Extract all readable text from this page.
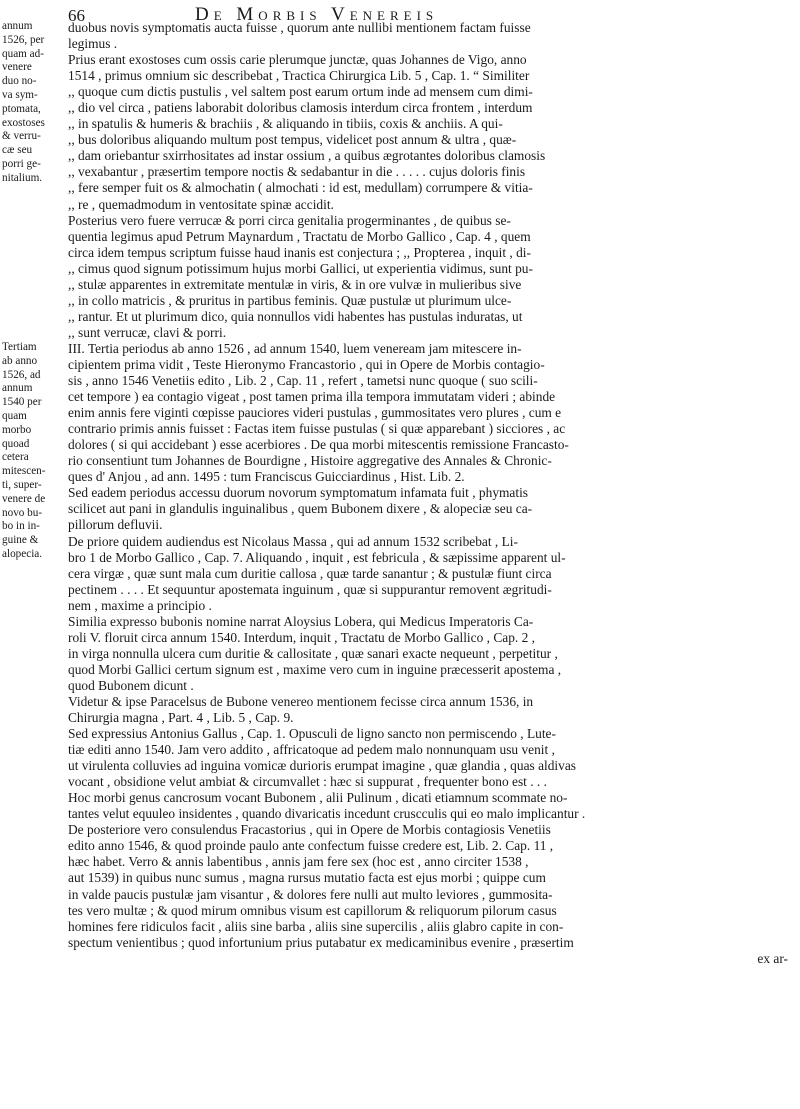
66	De Morbis Venereis
annum
1526, per
quam ad-
venere
duo no-
va sym-
ptomata,
exostoses
& verru-
cæ seu
porri ge-
nitalium.
Tertiam
ab anno
1526, ad
annum
1540 per
quam
morbo
quoad
cetera
mitescen-
ti, super-
venere de
novo bu-
bo in in-
guine &
alopecia.
duobus novis symptomatis aucta fuisse , quorum ante nullibi mentionem factam fuisse
legimus .
Prius erant exostoses cum ossis carie plerumque junctæ, quas Johannes de Vigo, anno
1514 , primus omnium sic describebat , Tractica Chirurgica Lib. 5 , Cap. 1. “ Similiter
,, quoque cum dictis pustulis , vel saltem post earum ortum inde ad mensem cum dimi-
,, dio vel circa , patiens laborabit doloribus clamosis interdum circa frontem , interdum
,, in spatulis & humeris & brachiis , & aliquando in tibiis, coxis & anchiis. A qui-
,, bus doloribus aliquando multum post tempus, videlicet post annum & ultra , quæ-
,, dam oriebantur sxirrhositates ad instar ossium , a quibus ægrotantes doloribus clamosis
,, vexabantur , præsertim tempore noctis & sedabantur in die . . . . . cujus doloris finis
,, fere semper fuit os & almochatin ( almochati : id est, medullam) corrumpere & vitia-
,, re , quemadmodum in ventositate spinæ accidit.
Posterius vero fuere verrucæ & porri circa genitalia progerminantes , de quibus se-
quentia legimus apud Petrum Maynardum , Tractatu de Morbo Gallico , Cap. 4 , quem
circa idem tempus scriptum fuisse haud inanis est conjectura ; ,, Propterea , inquit , di-
,, cimus quod signum potissimum hujus morbi Gallici, ut experientia vidimus, sunt pu-
,, stulæ apparentes in extremitate mentulæ in viris, & in ore vulvæ in mulieribus sive
,, in collo matricis , & pruritus in partibus feminis. Quæ pustulæ ut plurimum ulce-
,, rantur. Et ut plurimum dico, quia nonnullos vidi habentes has pustulas induratas, ut
,, sunt verrucæ, clavi & porri.
III. Tertia periodus ab anno 1526 , ad annum 1540, luem veneream jam mitescere in-
cipientem prima vidit , Teste Hieronymo Francastorio , qui in Opere de Morbis contagio-
sis , anno 1546 Venetiis edito , Lib. 2 , Cap. 11 , refert , tametsi nunc quoque ( suo scili-
cet tempore ) ea contagio vigeat , post tamen prima illa tempora immutatam videri ; abinde
enim annis fere viginti cœpisse pauciores videri pustulas , gummositates vero plures , cum e
contrario primis annis fuisset : Factas item fuisse pustulas ( si quæ apparebant ) sicciores , ac
dolores ( si qui accidebant ) esse acerbiores . De qua morbi mitescentis remissione Francasto-
rio consentiunt tum Johannes de Bourdigne , Histoire aggregative des Annales & Chronic-
ques d' Anjou , ad ann. 1495 : tum Franciscus Guicciardinus , Hist. Lib. 2.
Sed eadem periodus accessu duorum novorum symptomatum infamata fuit , phymatis
scilicet aut pani in glandulis inguinalibus , quem Bubonem dixere , & alopeciæ seu ca-
pillorum defluvii.
De priore quidem audiendus est Nicolaus Massa , qui ad annum 1532 scribebat , Li-
bro 1 de Morbo Gallico , Cap. 7. Aliquando , inquit , est febricula , & sæpissime apparent ul-
cera virgæ , quæ sunt mala cum duritie callosa , quæ tarde sanantur ; & pustulæ fiunt circa
pectinem . . . . Et sequuntur apostemata inguinum , quæ si suppurantur removent ægritudi-
nem , maxime a principio .
Similia expresso bubonis nomine narrat Aloysius Lobera, qui Medicus Imperatoris Ca-
roli V. floruit circa annum 1540. Interdum, inquit , Tractatu de Morbo Gallico , Cap. 2 ,
in virga nonnulla ulcera cum duritie & callositate , quæ sanari exacte nequeunt , perpetitur ,
quod Morbi Gallici certum signum est , maxime vero cum in inguine præcesserit apostema ,
quod Bubonem dicunt .
Videtur & ipse Paracelsus de Bubone venereo mentionem fecisse circa annum 1536, in
Chirurgia magna , Part. 4 , Lib. 5 , Cap. 9.
Sed expressius Antonius Gallus , Cap. 1. Opusculi de ligno sancto non permiscendo , Lute-
tiæ editi anno 1540. Jam vero addito , affricatoque ad pedem malo nonnunquam usu venit ,
ut virulenta colluvies ad inguina vomicæ durioris erumpat imagine , quæ glandia , quas aldivas
vocant , obsidione velut ambiat & circumvallet : hæc si suppurat , frequenter bono est . . .
Hoc morbi genus cancrosum vocant Bubonem , alii Pulinum , dicati etiamnum scommate no-
tantes velut equuleo insidentes , quando divaricatis incedunt cruscculis qui eo malo implicantur .
De posteriore vero consulendus Fracastorius , qui in Opere de Morbis contagiosis Venetiis
edito anno 1546, & quod proinde paulo ante confectum fuisse credere est, Lib. 2. Cap. 11 ,
hæc habet. Verro & annis labentibus , annis jam fere sex (hoc est , anno circiter 1538 ,
aut 1539) in quibus nunc sumus , magna rursus mutatio facta est ejus morbi ; quippe cum
in valde paucis pustulæ jam visantur , & dolores fere nulli aut multo leviores , gummosita-
tes vero multæ ; & quod mirum omnibus visum est capillorum & reliquorum pilorum casus
homines fere ridiculos facit , aliis sine barba , aliis sine supercilis , aliis glabro capite in con-
spectum venientibus ; quod infortunium prius putabatur ex medicaminibus evenire , præsertim
ex ar-
